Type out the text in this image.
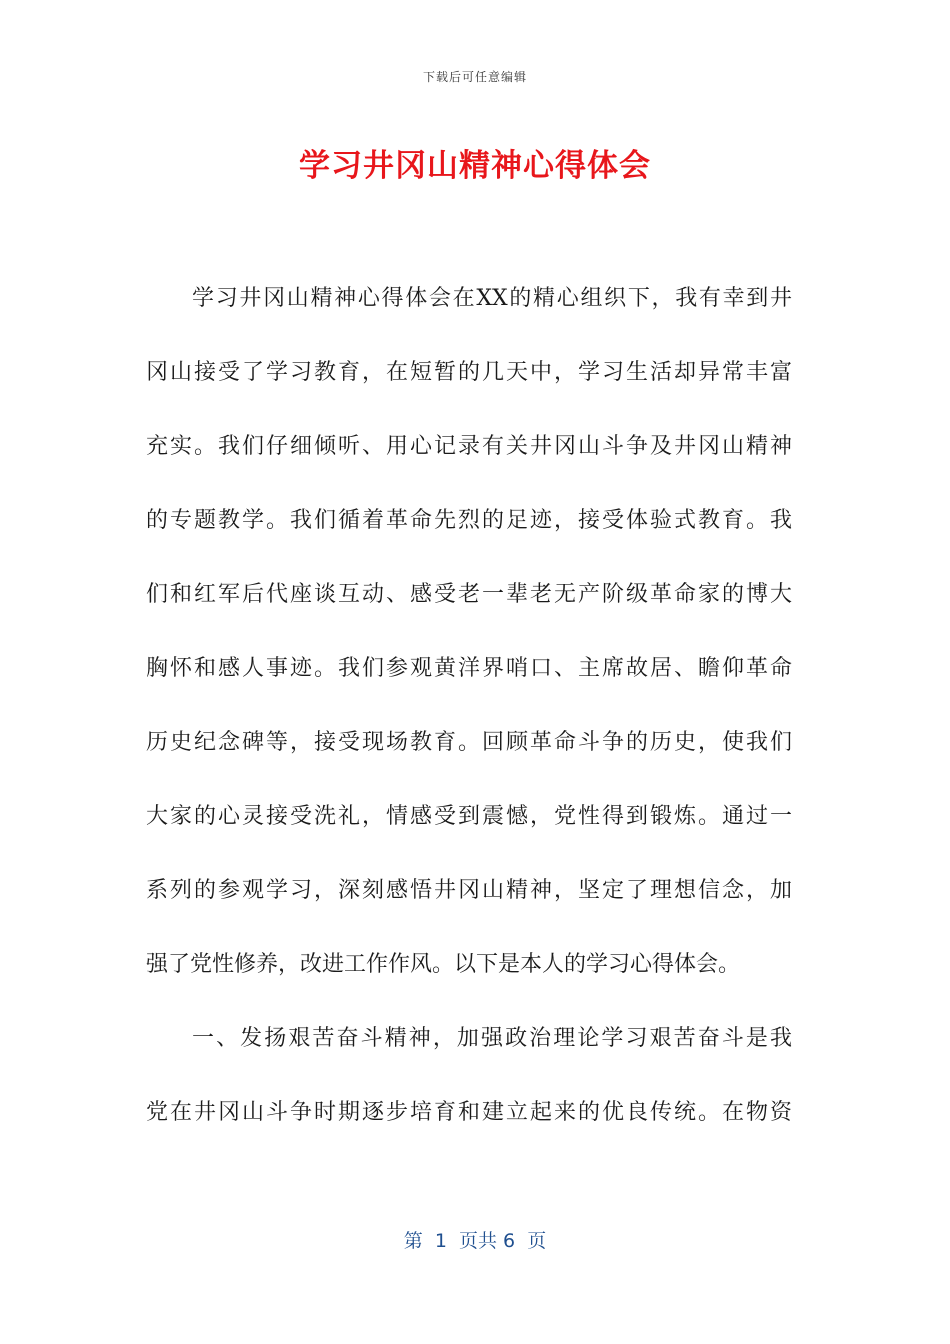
下载后可任意编辑
学习井冈山精神心得体会
学习井冈山精神心得体会在XX的精心组织下，我有幸到井
冈山接受了学习教育，在短暂的几天中，学习生活却异常丰富
充实。我们仔细倾听、用心记录有关井冈山斗争及井冈山精神
的专题教学。我们循着革命先烈的足迹，接受体验式教育。我
们和红军后代座谈互动、感受老一辈老无产阶级革命家的博大
胸怀和感人事迹。我们参观黄洋界哨口、主席故居、瞻仰革命
历史纪念碑等，接受现场教育。回顾革命斗争的历史，使我们
大家的心灵接受洗礼，情感受到震憾，党性得到锻炼。通过一
系列的参观学习，深刻感悟井冈山精神，坚定了理想信念，加
强了党性修养，改进工作作风。以下是本人的学习心得体会。
一、发扬艰苦奋斗精神，加强政治理论学习艰苦奋斗是我
党在井冈山斗争时期逐步培育和建立起来的优良传统。在物资
第  1  页共 6  页
